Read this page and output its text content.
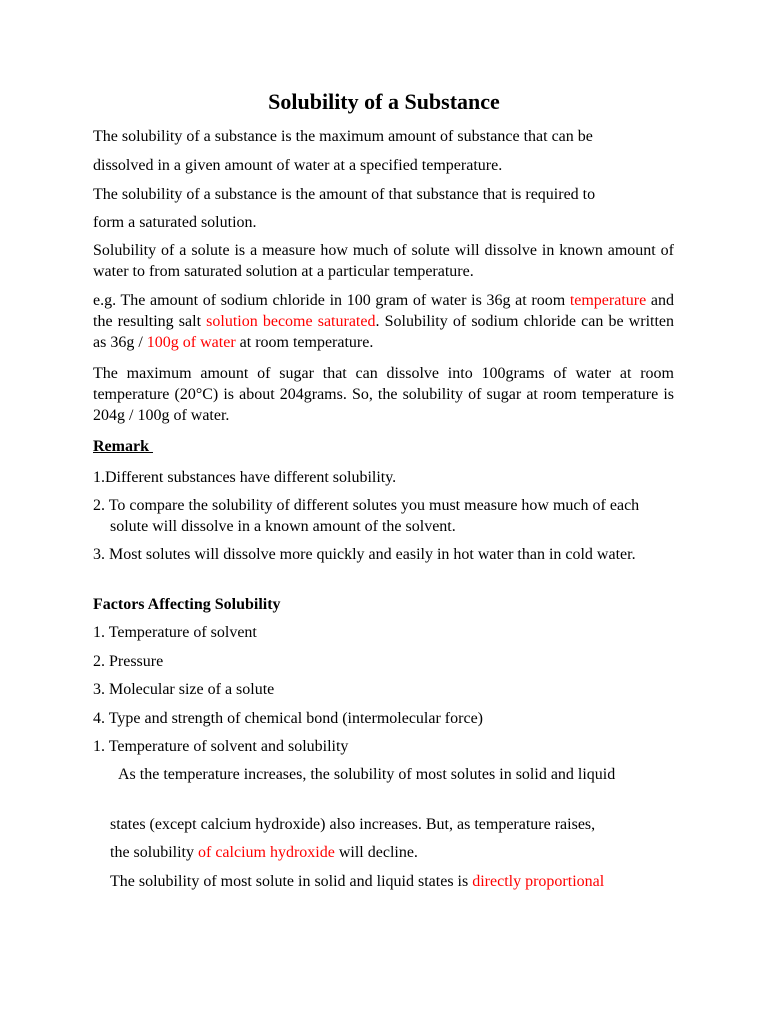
Solubility of a Substance

The solubility of a substance is the maximum amount of substance that can be

dissolved in a given amount of water at a specified temperature.

The solubility of a substance is the amount of that substance that is required to

form a saturated solution.

Solubility of a solute is a measure how much of solute will dissolve in known amount of water to from saturated solution at a particular temperature.

e.g. The amount of sodium chloride in 100 gram of water is 36g at room temperature and the resulting salt solution become saturated. Solubility of sodium chloride can be written as 36g / 100g of water at room temperature.

The maximum amount of sugar that can dissolve into 100grams of water at room temperature (20°C) is about 204grams. So, the solubility of sugar at room temperature is 204g / 100g of water.

Remark

1.Different substances have different solubility.

2. To compare the solubility of different solutes you must measure how much of each solute will dissolve in a known amount of the solvent.

3. Most solutes will dissolve more quickly and easily in hot water than in cold water.

Factors Affecting Solubility

1. Temperature of solvent

2. Pressure

3. Molecular size of a solute

4. Type and strength of chemical bond (intermolecular force)

1. Temperature of solvent and solubility

As the temperature increases, the solubility of most solutes in solid and liquid

states (except calcium hydroxide) also increases. But, as temperature raises,

the solubility of calcium hydroxide will decline.

The solubility of most solute in solid and liquid states is directly proportional
